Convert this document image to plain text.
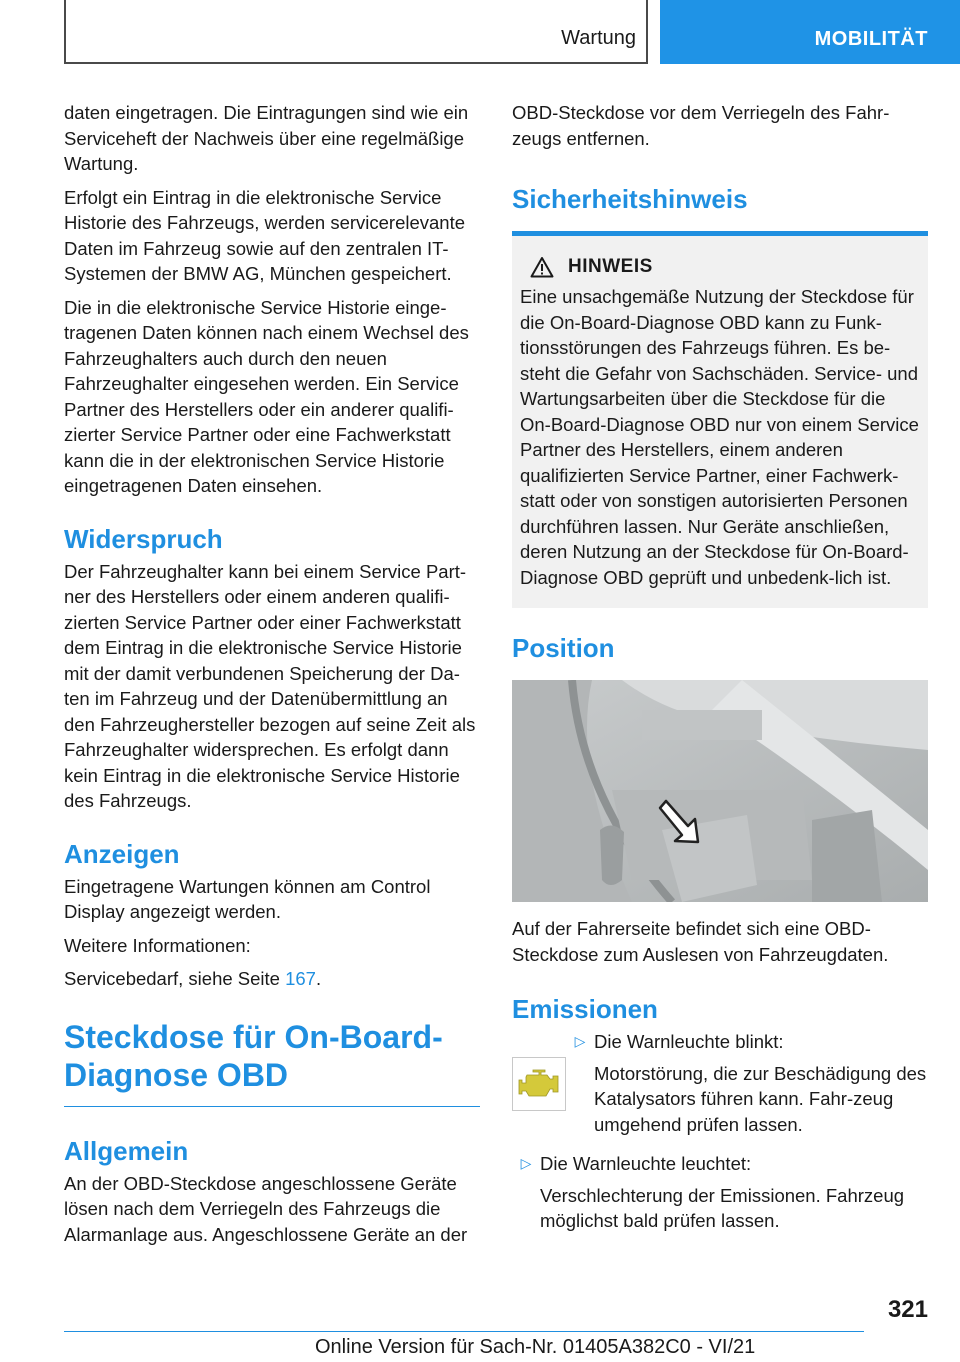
Wartung	MOBILITÄT

daten eingetragen. Die Eintragungen sind wie ein Serviceheft der Nachweis über eine regelmäßige Wartung.

Erfolgt ein Eintrag in die elektronische Service Historie des Fahrzeugs, werden servicerelevante Daten im Fahrzeug sowie auf den zentralen IT-Systemen der BMW AG, München gespeichert.

Die in die elektronische Service Historie einge‐tragenen Daten können nach einem Wechsel des Fahrzeughalters auch durch den neuen Fahrzeughalter eingesehen werden. Ein Service Partner des Herstellers oder ein anderer qualifi‐zierter Service Partner oder eine Fachwerkstatt kann die in der elektronischen Service Historie eingetragenen Daten einsehen.

Widerspruch

Der Fahrzeughalter kann bei einem Service Part‐ner des Herstellers oder einem anderen qualifi‐zierten Service Partner oder einer Fachwerkstatt dem Eintrag in die elektronische Service Historie mit der damit verbundenen Speicherung der Da‐ten im Fahrzeug und der Datenübermittlung an den Fahrzeughersteller bezogen auf seine Zeit als Fahrzeughalter widersprechen. Es erfolgt dann kein Eintrag in die elektronische Service Historie des Fahrzeugs.

Anzeigen

Eingetragene Wartungen können am Control Display angezeigt werden.

Weitere Informationen:

Servicebedarf, siehe Seite 167.

Steckdose für On-Board-Diagnose OBD
Allgemein

An der OBD-Steckdose angeschlossene Geräte lösen nach dem Verriegeln des Fahrzeugs die Alarmanlage aus. Angeschlossene Geräte an der

OBD-Steckdose vor dem Verriegeln des Fahr‐zeugs entfernen.

Sicherheitshinweis
HINWEIS

Eine unsachgemäße Nutzung der Steckdose für die On-Board-Diagnose OBD kann zu Funk‐tionsstörungen des Fahrzeugs führen. Es be‐steht die Gefahr von Sachschäden. Service- und Wartungsarbeiten über die Steckdose für die On-Board-Diagnose OBD nur von einem Service Partner des Herstellers, einem anderen qualifizierten Service Partner, einer Fachwerk‐statt oder von sonstigen autorisierten Personen durchführen lassen. Nur Geräte anschließen, deren Nutzung an der Steckdose für On-Board-Diagnose OBD geprüft und unbedenk‐lich ist.

Position

Auf der Fahrerseite befindet sich eine OBD-Steckdose zum Auslesen von Fahrzeugdaten.

Emissionen
▷ Die Warnleuchte blinkt:

Motorstörung, die zur Beschädigung des Katalysators führen kann. Fahr‐zeug umgehend prüfen lassen.

▷ Die Warnleuchte leuchtet:

Verschlechterung der Emissionen. Fahrzeug möglichst bald prüfen lassen.

321
Online Version für Sach-Nr. 01405A382C0 - VI/21
